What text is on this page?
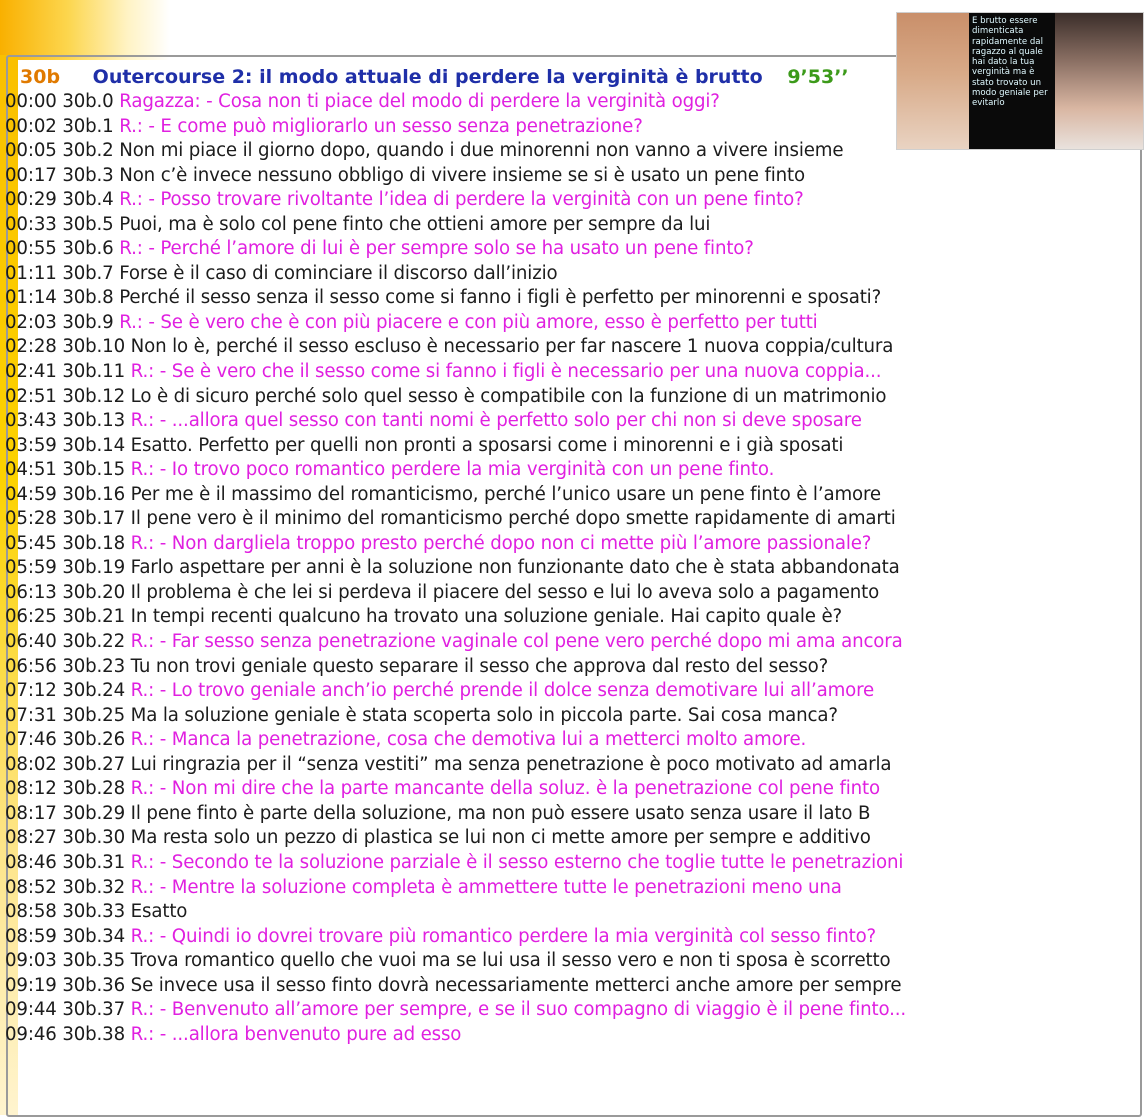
30b Outercourse 2: il modo attuale di perdere la verginità è brutto 9’53’’
E brutto essere dimenticata rapidamente dal ragazzo al quale hai dato la tua verginità ma è stato trovato un modo geniale per evitarlo
00:00 30b.0 Ragazza: - Cosa non ti piace del modo di perdere la verginità oggi?
00:02 30b.1 R.: - E come può migliorarlo un sesso senza penetrazione?
00:05 30b.2 Non mi piace il giorno dopo, quando i due minorenni non vanno a vivere insieme
00:17 30b.3 Non c’è invece nessuno obbligo di vivere insieme se si è usato un pene finto
00:29 30b.4 R.: - Posso trovare rivoltante l’idea di perdere la verginità con un pene finto?
00:33 30b.5 Puoi, ma è solo col pene finto che ottieni amore per sempre da lui
00:55 30b.6 R.: - Perché l’amore di lui è per sempre solo se ha usato un pene finto?
01:11 30b.7 Forse è il caso di cominciare il discorso dall’inizio
01:14 30b.8 Perché il sesso senza il sesso come si fanno i figli è perfetto per minorenni e sposati?
02:03 30b.9 R.: - Se è vero che è con più piacere e con più amore, esso è perfetto per tutti
02:28 30b.10 Non lo è, perché il sesso escluso è necessario per far nascere 1 nuova coppia/cultura
02:41 30b.11 R.: - Se è vero che il sesso come si fanno i figli è necessario per una nuova coppia...
02:51 30b.12 Lo è di sicuro perché solo quel sesso è compatibile con la funzione di un matrimonio
03:43 30b.13 R.: - ...allora quel sesso con tanti nomi è perfetto solo per chi non si deve sposare
03:59 30b.14 Esatto. Perfetto per quelli non pronti a sposarsi come i minorenni e i già sposati
04:51 30b.15 R.: - Io trovo poco romantico perdere la mia verginità con un pene finto.
04:59 30b.16 Per me è il massimo del romanticismo, perché l’unico usare un pene finto è l’amore
05:28 30b.17 Il pene vero è il minimo del romanticismo perché dopo smette rapidamente di amarti
05:45 30b.18 R.: - Non dargliela troppo presto perché dopo non ci mette più l’amore passionale?
05:59 30b.19 Farlo aspettare per anni è la soluzione non funzionante dato che è stata abbandonata
06:13 30b.20 Il problema è che lei si perdeva il piacere del sesso e lui lo aveva solo a pagamento
06:25 30b.21 In tempi recenti qualcuno ha trovato una soluzione geniale. Hai capito quale è?
06:40 30b.22 R.: - Far sesso senza penetrazione vaginale col pene vero perché dopo mi ama ancora
06:56 30b.23 Tu non trovi geniale questo separare il sesso che approva dal resto del sesso?
07:12 30b.24 R.: - Lo trovo geniale anch’io perché prende il dolce senza demotivare lui all’amore
07:31 30b.25 Ma la soluzione geniale è stata scoperta solo in piccola parte. Sai cosa manca?
07:46 30b.26 R.: - Manca la penetrazione, cosa che demotiva lui a metterci molto amore.
08:02 30b.27 Lui ringrazia per il “senza vestiti” ma senza penetrazione è poco motivato ad amarla
08:12 30b.28 R.: - Non mi dire che la parte mancante della soluz. è la penetrazione col pene finto
08:17 30b.29 Il pene finto è parte della soluzione, ma non può essere usato senza usare il lato B
08:27 30b.30 Ma resta solo un pezzo di plastica se lui non ci mette amore per sempre e additivo
08:46 30b.31 R.: - Secondo te la soluzione parziale è il sesso esterno che toglie tutte le penetrazioni
08:52 30b.32 R.: - Mentre la soluzione completa è ammettere tutte le penetrazioni meno una
08:58 30b.33 Esatto
08:59 30b.34 R.: - Quindi io dovrei trovare più romantico perdere la mia verginità col sesso finto?
09:03 30b.35 Trova romantico quello che vuoi ma se lui usa il sesso vero e non ti sposa è scorretto
09:19 30b.36 Se invece usa il sesso finto dovrà necessariamente metterci anche amore per sempre
09:44 30b.37 R.: - Benvenuto all’amore per sempre, e se il suo compagno di viaggio è il pene finto...
09:46 30b.38 R.: - ...allora benvenuto pure ad esso
